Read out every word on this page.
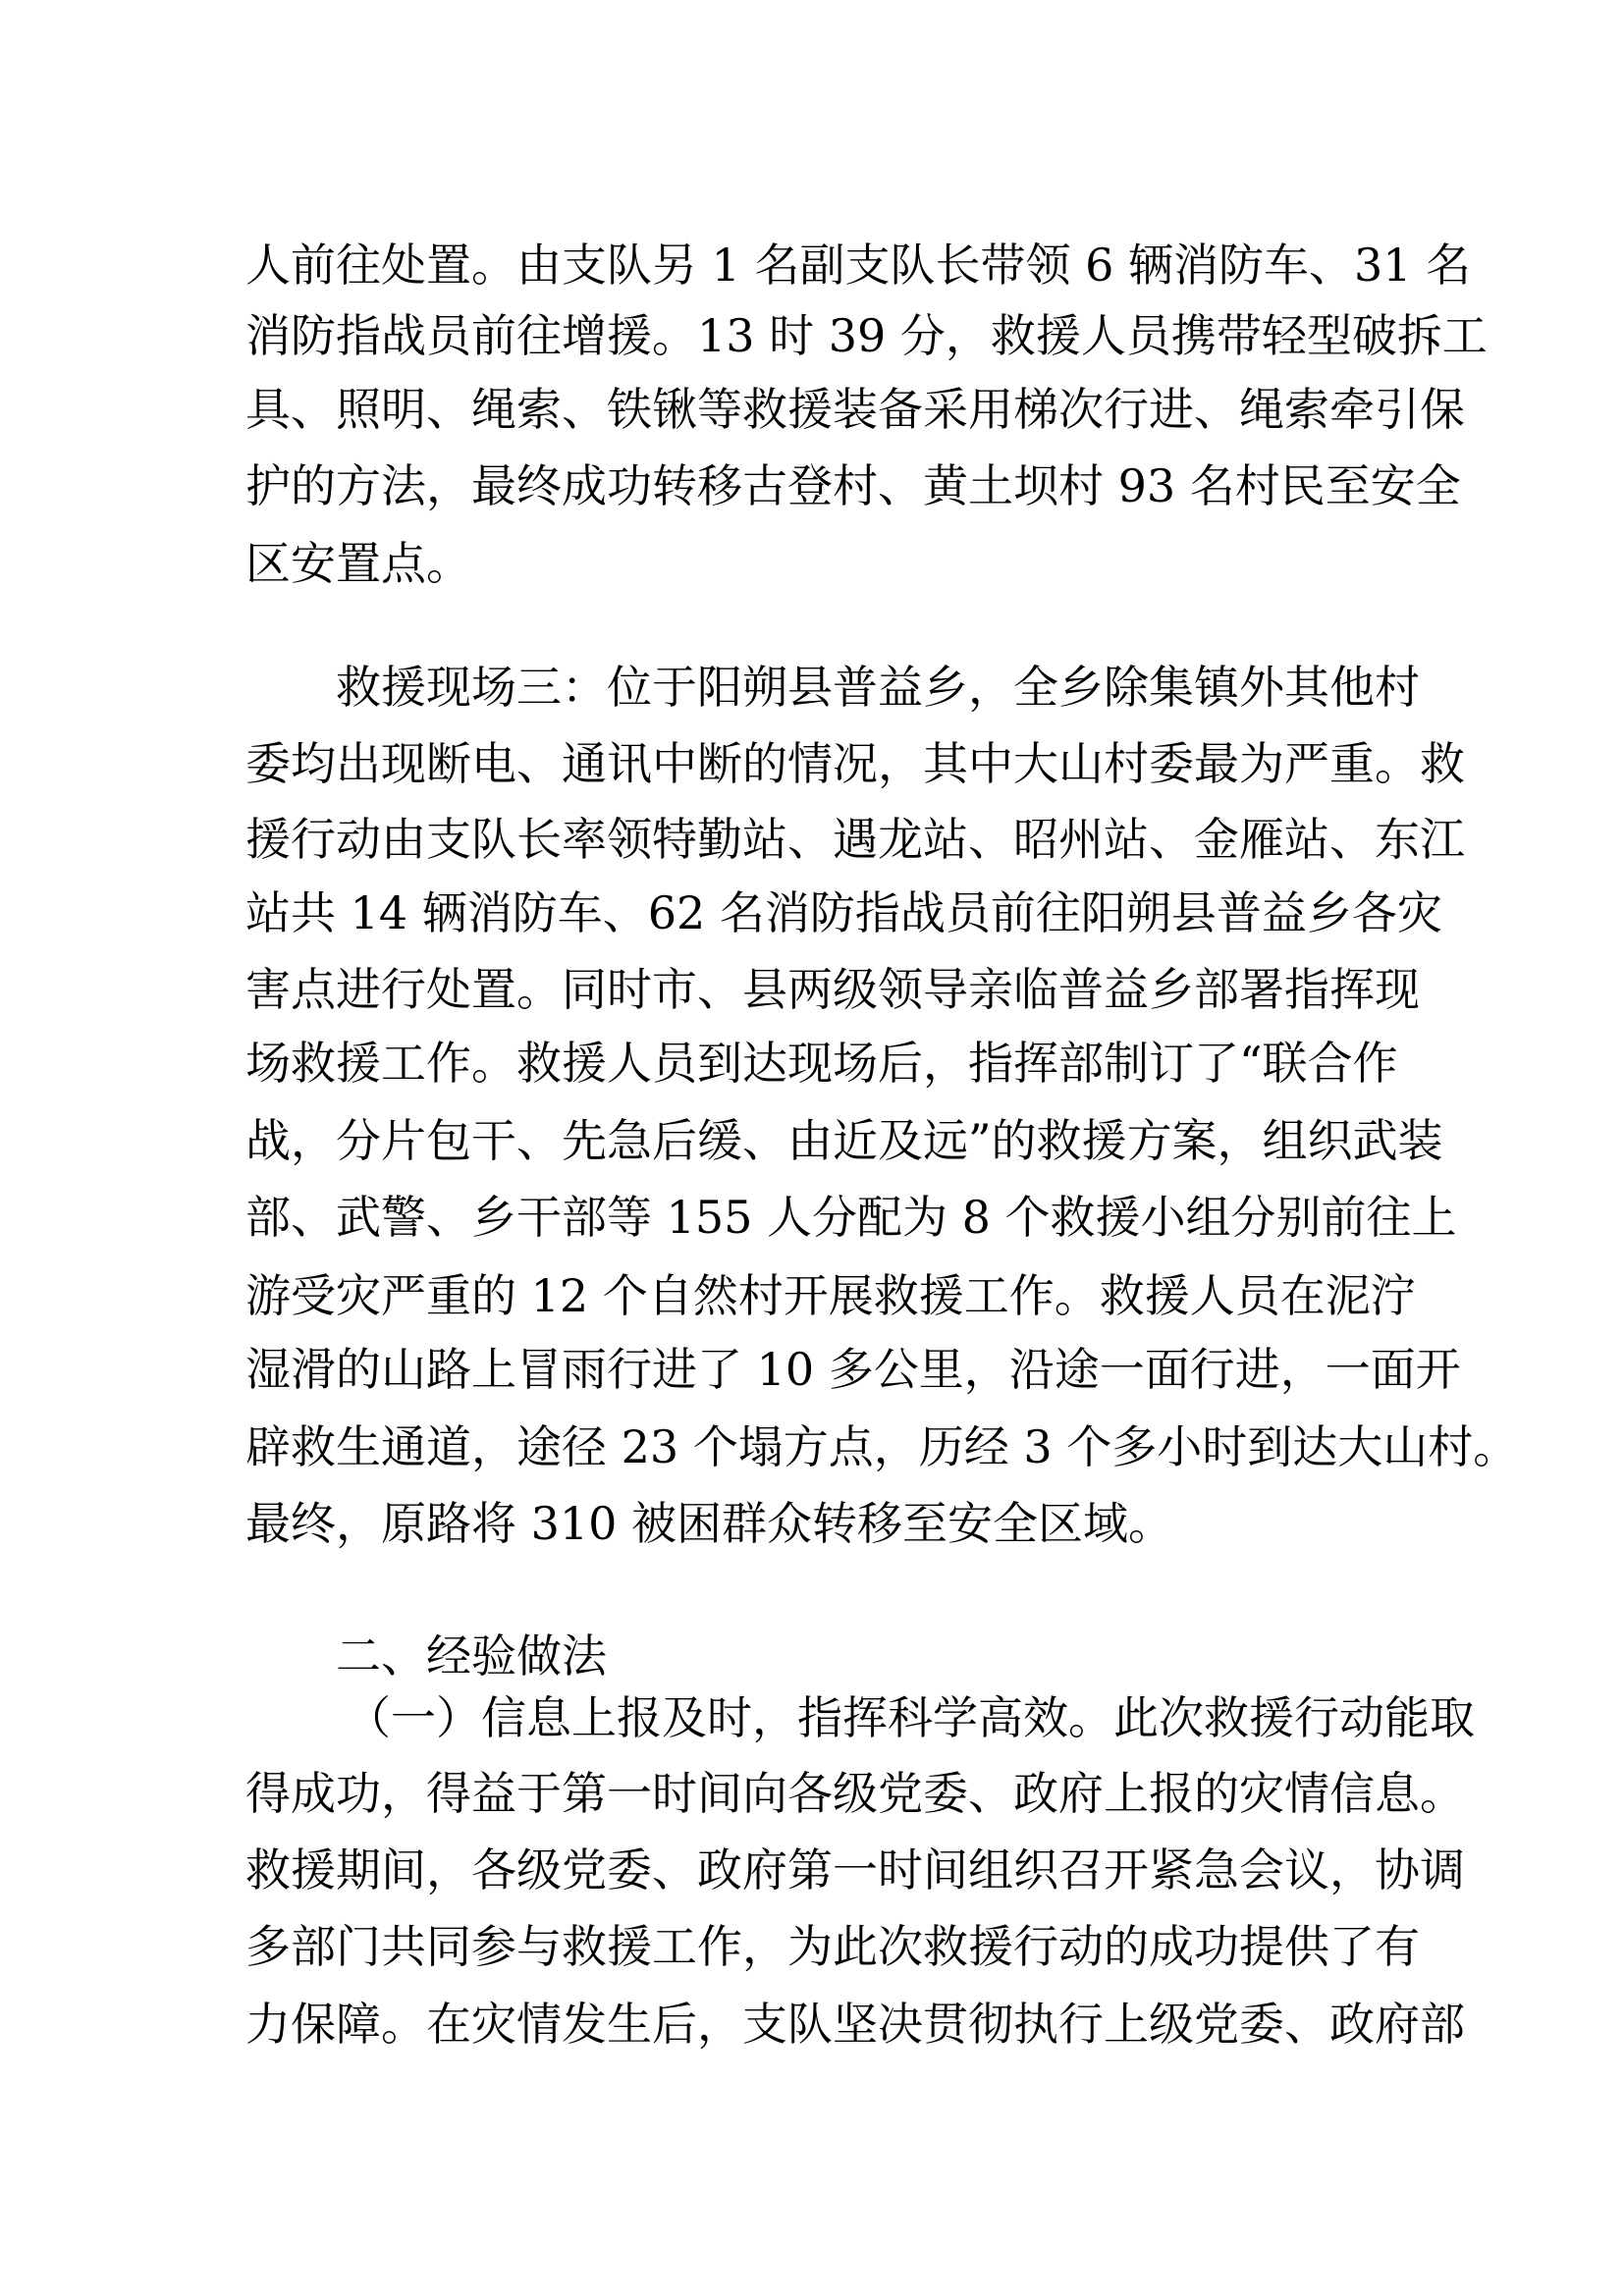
人前往处置。由支队另 1 名副支队长带领 6 辆消防车、31 名
消防指战员前往增援。13 时 39 分，救援人员携带轻型破拆工
具、照明、绳索、铁锹等救援装备采用梯次行进、绳索牵引保
护的方法，最终成功转移古登村、黄土坝村 93 名村民至安全
区安置点。
救援现场三：位于阳朔县普益乡，全乡除集镇外其他村
委均出现断电、通讯中断的情况，其中大山村委最为严重。救
援行动由支队长率领特勤站、遇龙站、昭州站、金雁站、东江
站共 14 辆消防车、62 名消防指战员前往阳朔县普益乡各灾
害点进行处置。同时市、县两级领导亲临普益乡部署指挥现
场救援工作。救援人员到达现场后，指挥部制订了“联合作
战，分片包干、先急后缓、由近及远”的救援方案，组织武装
部、武警、乡干部等 155 人分配为 8 个救援小组分别前往上
游受灾严重的 12 个自然村开展救援工作。救援人员在泥泞
湿滑的山路上冒雨行进了 10 多公里，沿途一面行进，一面开
辟救生通道，途径 23 个塌方点，历经 3 个多小时到达大山村。
最终，原路将 310 被困群众转移至安全区域。
二、经验做法
（一）信息上报及时，指挥科学高效。此次救援行动能取
得成功，得益于第一时间向各级党委、政府上报的灾情信息。
救援期间，各级党委、政府第一时间组织召开紧急会议，协调
多部门共同参与救援工作，为此次救援行动的成功提供了有
力保障。在灾情发生后，支队坚决贯彻执行上级党委、政府部
